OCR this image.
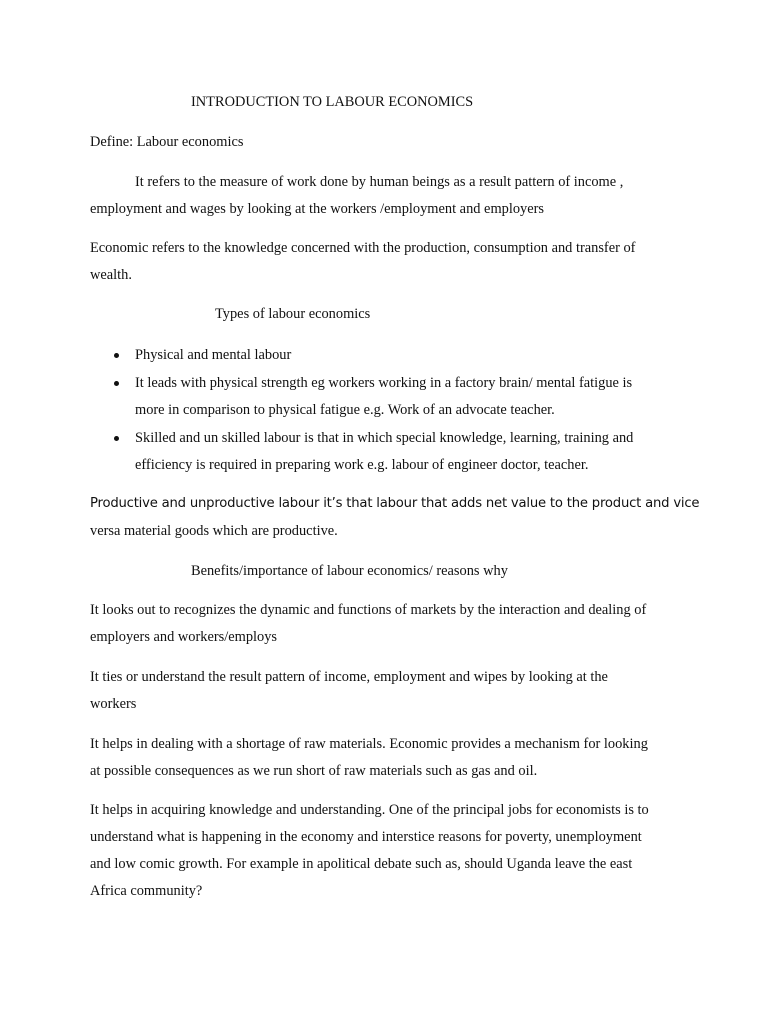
INTRODUCTION TO LABOUR ECONOMICS
Define: Labour economics
It refers to the measure of work done by human beings as a result pattern of income ,
employment and wages by looking at the workers /employment and employers
Economic refers to the knowledge concerned with the production, consumption and transfer of
wealth.
Types of labour economics
Physical and mental labour
It leads with physical strength eg workers working in a factory brain/ mental fatigue is
more in comparison to physical fatigue e.g. Work of an advocate teacher.
Skilled and un skilled labour is that in which special knowledge, learning, training and
efficiency is required in preparing work e.g. labour of engineer doctor, teacher.
Productive and unproductive labour it’s that labour that adds net value to the product and vice
versa material goods which are productive.
Benefits/importance of labour economics/ reasons why
It looks out to recognizes the dynamic and functions of markets by the interaction and dealing of
employers and workers/employs
It ties or understand the result pattern of income, employment and wipes by looking at the
workers
It helps in dealing with a shortage of raw materials. Economic provides a mechanism for looking
at possible consequences as we run short of raw materials such as gas and oil.
It helps in acquiring knowledge and understanding. One of the principal jobs for economists is to
understand what is happening in the economy and interstice reasons for poverty, unemployment
and low comic growth. For example in apolitical debate such as, should Uganda leave the east
Africa community?
